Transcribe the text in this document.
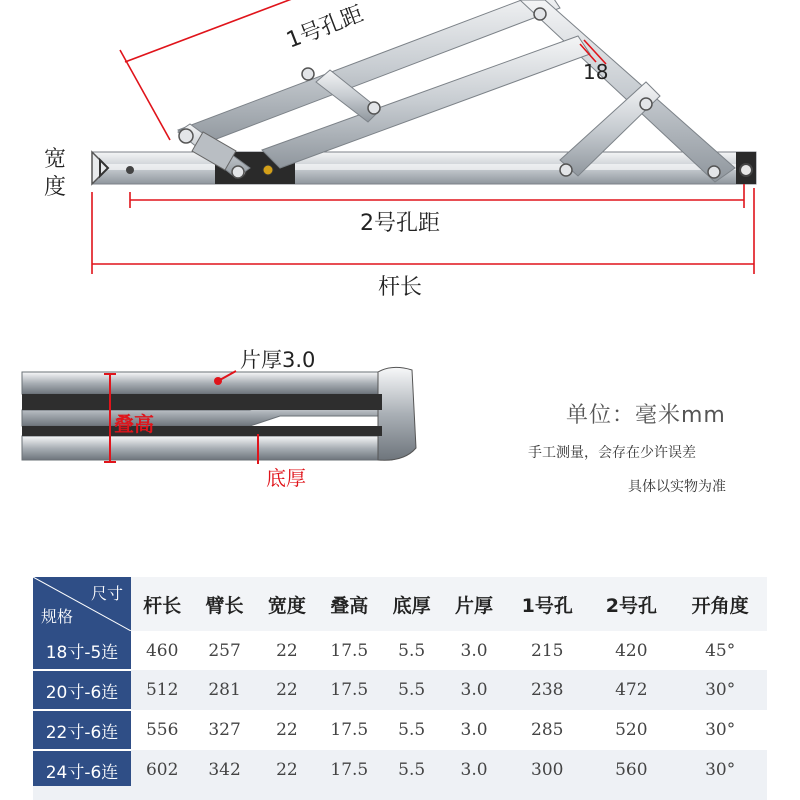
1号孔距
18
宽
度
2号孔距
杆长
片厚3.0
叠高
底厚
单位：毫米mm
手工测量，会存在少许误差
具体以实物为准
尺寸
规格	杆长	臂长	宽度	叠高	底厚	片厚	1号孔	2号孔	开角度
18寸-5连	460	257	22	17.5	5.5	3.0	215	420	45°
20寸-6连	512	281	22	17.5	5.5	3.0	238	472	30°
22寸-6连	556	327	22	17.5	5.5	3.0	285	520	30°
24寸-6连	602	342	22	17.5	5.5	3.0	300	560	30°
